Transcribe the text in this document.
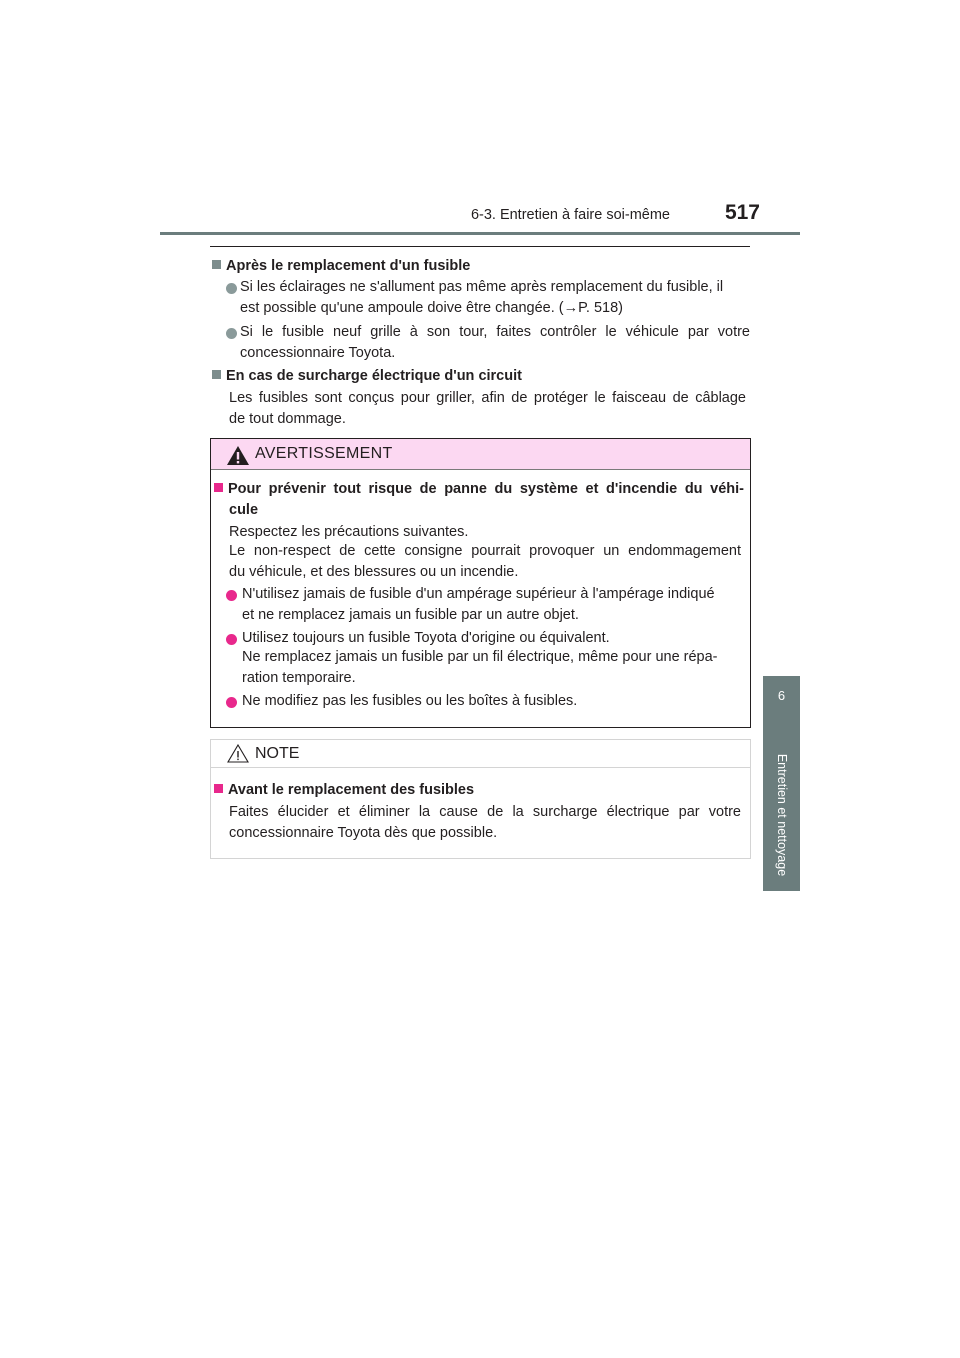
6-3. Entretien à faire soi-même	517
6
Entretien et nettoyage
Après le remplacement d'un fusible
Si les éclairages ne s'allument pas même après remplacement du fusible, il
est possible qu'une ampoule doive être changée. (→P. 518)
Si le fusible neuf grille à son tour, faites contrôler le véhicule par votre
concessionnaire Toyota.
En cas de surcharge électrique d'un circuit
Les fusibles sont conçus pour griller, afin de protéger le faisceau de câblage
de tout dommage.
AVERTISSEMENT
Pour prévenir tout risque de panne du système et d'incendie du véhi-
cule
Respectez les précautions suivantes.
Le non-respect de cette consigne pourrait provoquer un endommagement
du véhicule, et des blessures ou un incendie.
N'utilisez jamais de fusible d'un ampérage supérieur à l'ampérage indiqué
et ne remplacez jamais un fusible par un autre objet.
Utilisez toujours un fusible Toyota d'origine ou équivalent.
Ne remplacez jamais un fusible par un fil électrique, même pour une répa-
ration temporaire.
Ne modifiez pas les fusibles ou les boîtes à fusibles.
NOTE
Avant le remplacement des fusibles
Faites élucider et éliminer la cause de la surcharge électrique par votre
concessionnaire Toyota dès que possible.
